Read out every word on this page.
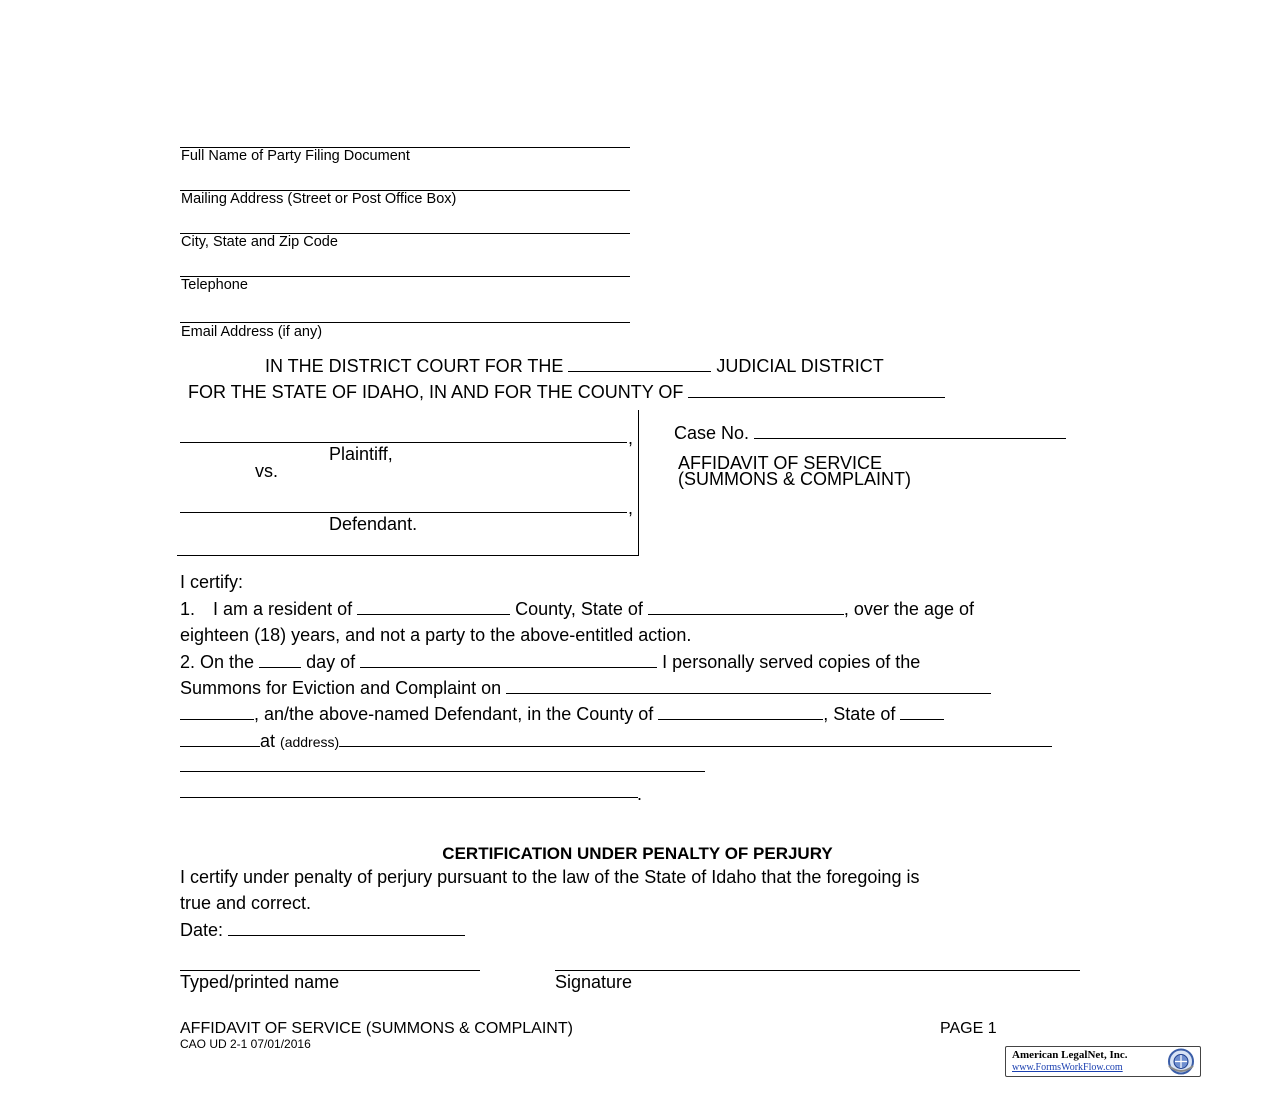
Full Name of Party Filing Document
Mailing Address (Street or Post Office Box)
City, State and Zip Code
Telephone
Email Address (if any)
IN THE DISTRICT COURT FOR THE	JUDICIAL DISTRICT
FOR THE STATE OF IDAHO, IN AND FOR THE COUNTY OF
,
Plaintiff,
vs.
,
Defendant.
Case No.
AFFIDAVIT OF SERVICE
(SUMMONS & COMPLAINT)
I certify:
1. I am a resident of	County, State of	, over the age of
eighteen (18) years, and not a party to the above-entitled action.
2. On the	day of	I personally served copies of the
Summons for Eviction and Complaint on
, an/the above-named Defendant, in the County of	, State of
at (address)
.
CERTIFICATION UNDER PENALTY OF PERJURY
I certify under penalty of perjury pursuant to the law of the State of Idaho that the foregoing is
true and correct.
Date:
Typed/printed name	Signature
AFFIDAVIT OF SERVICE (SUMMONS & COMPLAINT)	PAGE 1
CAO UD 2-1 07/01/2016
American LegalNet, Inc.
www.FormsWorkFlow.com
